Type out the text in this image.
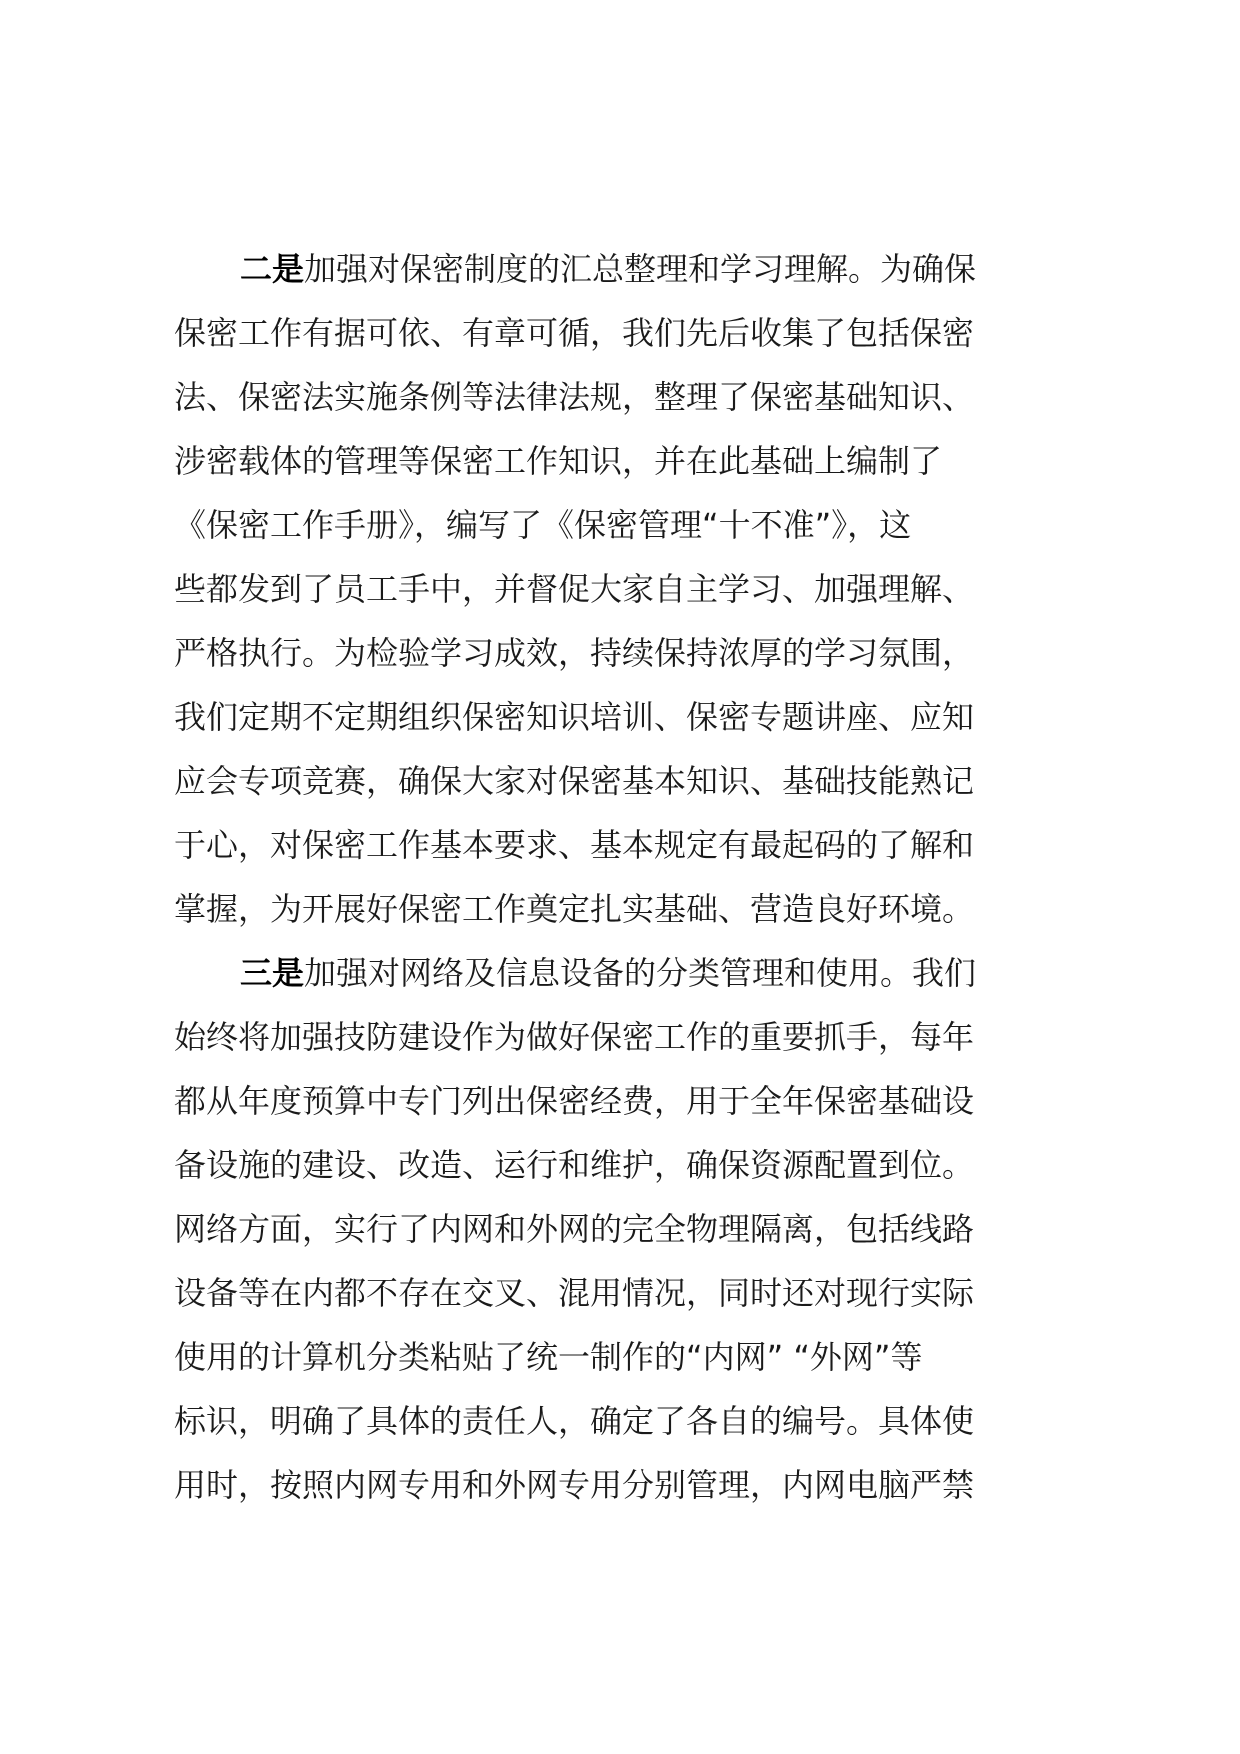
二是加强对保密制度的汇总整理和学习理解。为确保
保密工作有据可依、有章可循，我们先后收集了包括保密
法、保密法实施条例等法律法规，整理了保密基础知识、
涉密载体的管理等保密工作知识，并在此基础上编制了
《保密工作手册》，编写了《保密管理“十不准”》，这
些都发到了员工手中，并督促大家自主学习、加强理解、
严格执行。为检验学习成效，持续保持浓厚的学习氛围，
我们定期不定期组织保密知识培训、保密专题讲座、应知
应会专项竞赛，确保大家对保密基本知识、基础技能熟记
于心，对保密工作基本要求、基本规定有最起码的了解和
掌握，为开展好保密工作奠定扎实基础、营造良好环境。
三是加强对网络及信息设备的分类管理和使用。我们
始终将加强技防建设作为做好保密工作的重要抓手，每年
都从年度预算中专门列出保密经费，用于全年保密基础设
备设施的建设、改造、运行和维护，确保资源配置到位。
网络方面，实行了内网和外网的完全物理隔离，包括线路
设备等在内都不存在交叉、混用情况，同时还对现行实际
使用的计算机分类粘贴了统一制作的“内网” “外网”等
标识，明确了具体的责任人，确定了各自的编号。具体使
用时，按照内网专用和外网专用分别管理，内网电脑严禁
